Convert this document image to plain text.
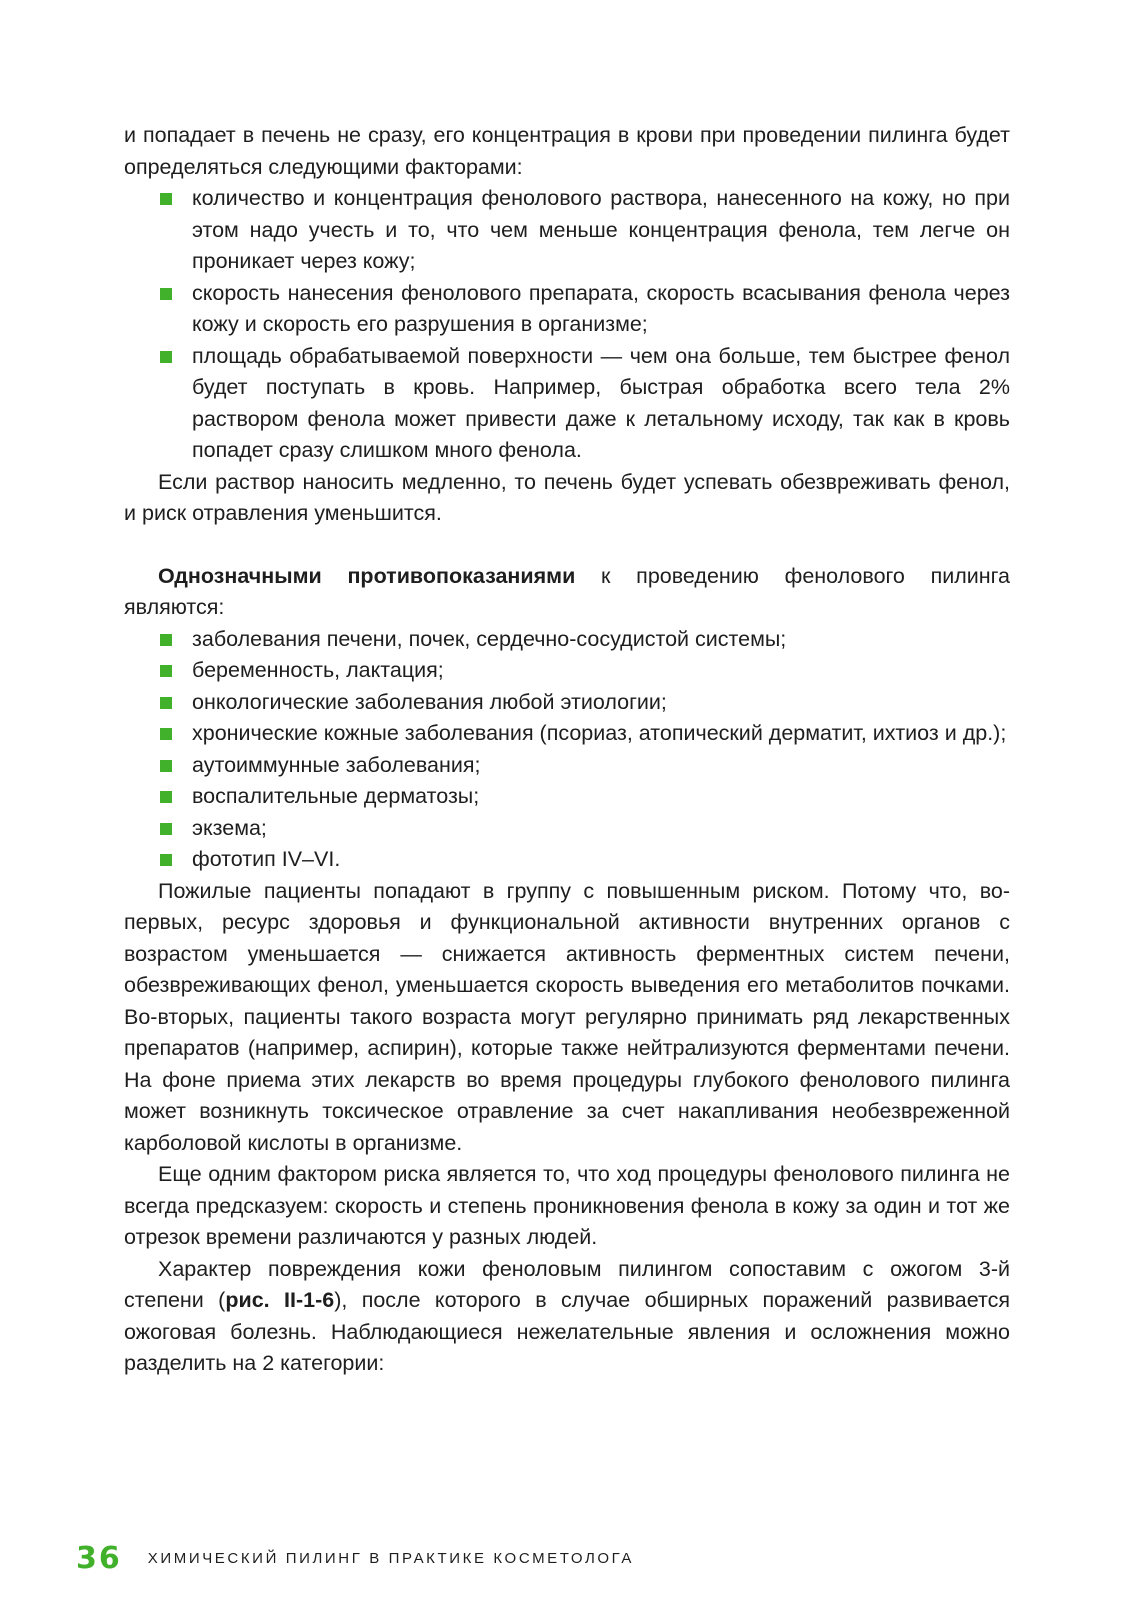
и попадает в печень не сразу, его концентрация в крови при проведении пилинга будет определяться следующими факторами:

количество и концентрация фенолового раствора, нанесенного на кожу, но при этом надо учесть и то, что чем меньше концентрация фенола, тем легче он проникает через кожу;
скорость нанесения фенолового препарата, скорость всасывания фенола через кожу и скорость его разрушения в организме;
площадь обрабатываемой поверхности — чем она больше, тем быстрее фенол будет поступать в кровь. Например, быстрая обработка всего тела 2% раствором фенола может привести даже к летальному исходу, так как в кровь попадет сразу слишком много фенола.

Если раствор наносить медленно, то печень будет успевать обезвреживать фенол, и риск отравления уменьшится.

Однозначными противопоказаниями к проведению фенолового пилинга являются:

заболевания печени, почек, сердечно-сосудистой системы;
беременность, лактация;
онкологические заболевания любой этиологии;
хронические кожные заболевания (псориаз, атопический дерматит, ихтиоз и др.);
аутоиммунные заболевания;
воспалительные дерматозы;
экзема;
фототип IV–VI.

Пожилые пациенты попадают в группу с повышенным риском. Потому что, во-первых, ресурс здоровья и функциональной активности внутренних органов с возрастом уменьшается — снижается активность ферментных систем печени, обезвреживающих фенол, уменьшается скорость выведения его метаболитов почками. Во-вторых, пациенты такого возраста могут регулярно принимать ряд лекарственных препаратов (например, аспирин), которые также нейтрализуются ферментами печени. На фоне приема этих лекарств во время процедуры глубокого фенолового пилинга может возникнуть токсическое отравление за счет накапливания необезвреженной карболовой кислоты в организме.

Еще одним фактором риска является то, что ход процедуры фенолового пилинга не всегда предсказуем: скорость и степень проникновения фенола в кожу за один и тот же отрезок времени различаются у разных людей.

Характер повреждения кожи феноловым пилингом сопоставим с ожогом 3-й степени (рис. II-1-6), после которого в случае обширных поражений развивается ожоговая болезнь. Наблюдающиеся нежелательные явления и осложнения можно разделить на 2 категории:

36 ХИМИЧЕСКИЙ ПИЛИНГ В ПРАКТИКЕ КОСМЕТОЛОГА
